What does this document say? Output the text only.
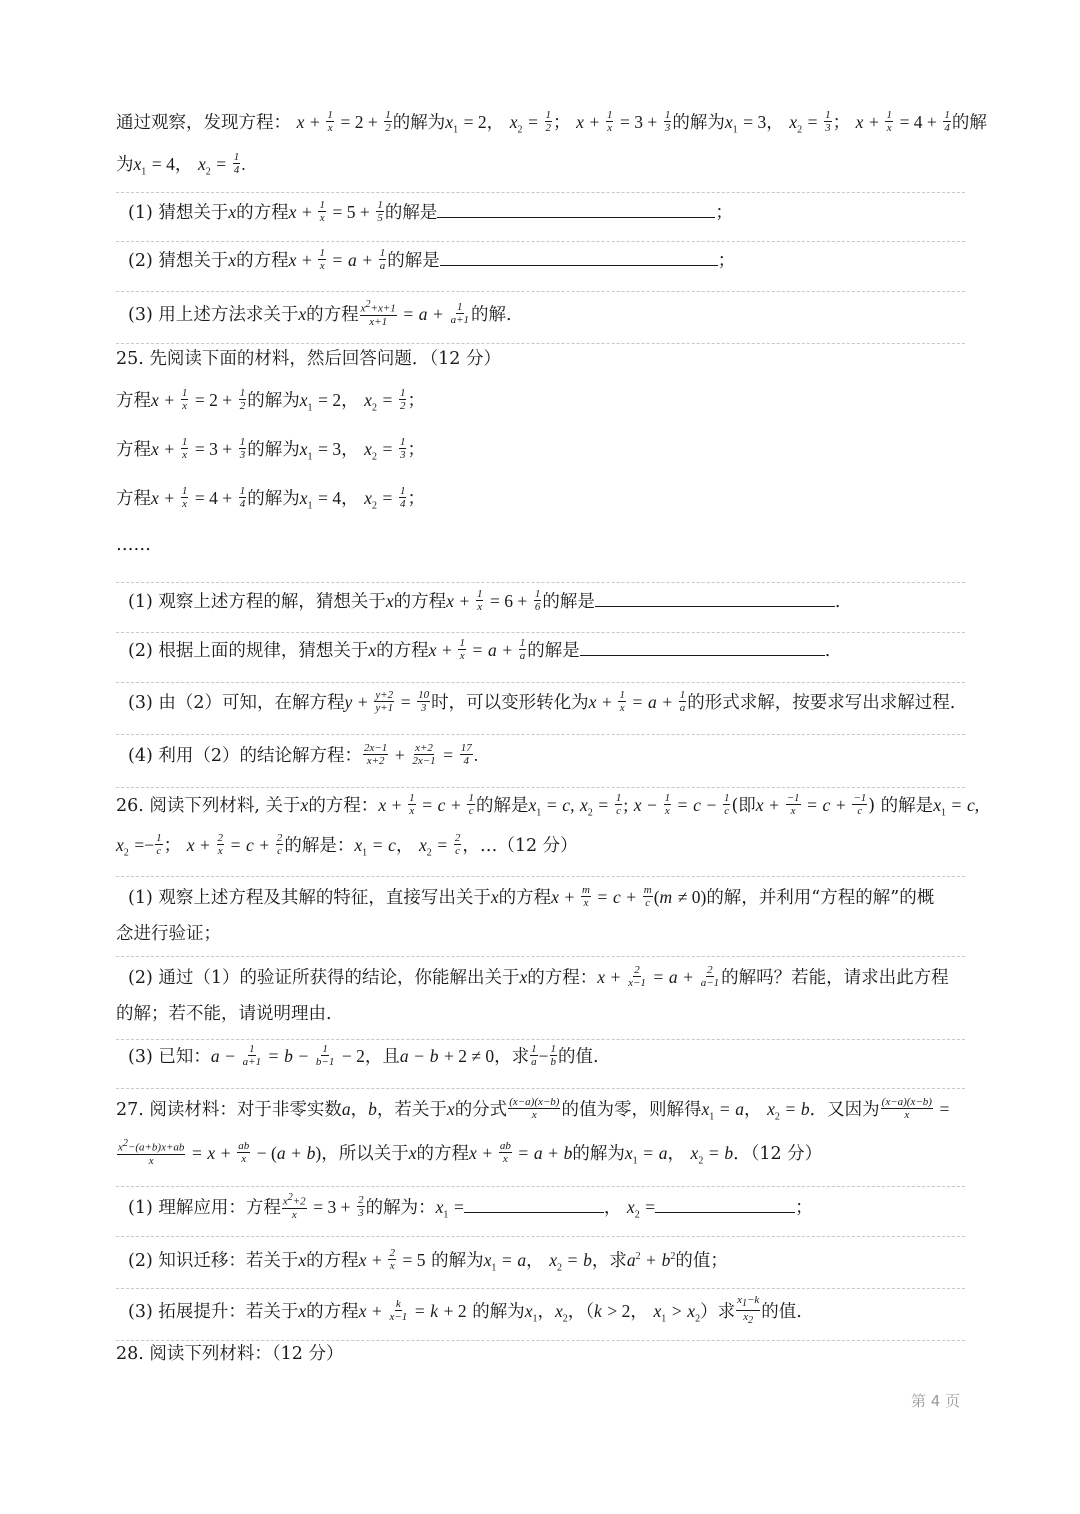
通过观察，发现方程： $x + \frac{1}{x} = 2 + \frac{1}{2}$ 的解为$x_1 = 2$， $x_2 = \frac{1}{2}$ ； $x + \frac{1}{x} = 3 + \frac{1}{3}$ 的解为$x_1 = 3$， $x_2 = \frac{1}{3}$ ； $x + \frac{1}{x} = 4 + \frac{1}{4}$ 的解
为$x_1 = 4$， $x_2 = \frac{1}{4}$ .
(1) 猜想关于x的方程$x + \frac{1}{x} = 5 + \frac{1}{5}$ 的解是	；
(2) 猜想关于x的方程$x + \frac{1}{x} = a + \frac{1}{a}$ 的解是	；
(3) 用上述方法求关于x的方程 $\frac{x^2+x+1}{x+1} = a + \frac{1}{a+1}$ 的解.
25. 先阅读下面的材料，然后回答问题．（12 分）
方程$x + \frac{1}{x} = 2 + \frac{1}{2}$ 的解为$x_1 = 2$， $x_2 = \frac{1}{2}$ ；
方程$x + \frac{1}{x} = 3 + \frac{1}{3}$ 的解为$x_1 = 3$， $x_2 = \frac{1}{3}$ ；
方程$x + \frac{1}{x} = 4 + \frac{1}{4}$ 的解为$x_1 = 4$， $x_2 = \frac{1}{4}$ ；
……
(1) 观察上述方程的解，猜想关于x的方程$x + \frac{1}{x} = 6 + \frac{1}{6}$ 的解是	.
(2) 根据上面的规律，猜想关于x的方程$x + \frac{1}{x} = a + \frac{1}{a}$ 的解是	.
(3) 由（2）可知，在解方程$y + \frac{y+2}{y+1} = \frac{10}{3}$ 时，可以变形转化为$x + \frac{1}{x} = a + \frac{1}{a}$ 的形式求解，按要求写出求解过程.
(4) 利用（2）的结论解方程： $\frac{2x-1}{x+2} + \frac{x+2}{2x-1} = \frac{17}{4}$ .
26. 阅读下列材料, 关于x的方程：$x + \frac{1}{x} = c + \frac{1}{c}$ 的解是$x_1 = c$, $x_2 = \frac{1}{c}$ ; $x - \frac{1}{x} = c - \frac{1}{c}$ (即$x + \frac{-1}{x} = c + \frac{-1}{c}$ ) 的解是$x_1 = c$,
$x_2 =- \frac{1}{c}$ ； $x + \frac{2}{x} = c + \frac{2}{c}$ 的解是：$x_1 = c$， $x_2 = \frac{2}{c}$ ，…（12 分）
(1) 观察上述方程及其解的特征，直接写出关于x的方程$x + \frac{m}{x} = c + \frac{m}{c} (m \ne 0)$的解，并利用“方程的解”的概
念进行验证；
(2) 通过（1）的验证所获得的结论，你能解出关于x的方程：$x + \frac{2}{x-1} = a + \frac{2}{a-1}$ 的解吗？若能，请求出此方程
的解；若不能，请说明理由.
(3) 已知：$a - \frac{1}{a+1} = b - \frac{1}{b-1} - 2$，且a − b + 2 ≠ 0，求 $\frac{1}{a} - \frac{1}{b}$ 的值.
27. 阅读材料：对于非零实数a，b，若关于x的分式 $\frac{(x-a)(x-b)}{x}$ 的值为零，则解得$x_1 = a$， $x_2 = b$．又因为 $\frac{(x-a)(x-b)}{x}$ =
$\frac{x^2-(a+b)x+ab}{x} = x + \frac{ab}{x} - (a + b)$，所以关于x的方程$x + \frac{ab}{x} = a + b$的解为$x_1 = a$， $x_2 = b$．（12 分）
(1) 理解应用：方程 $\frac{x^2+2}{x} = 3 + \frac{2}{3}$ 的解为：$x_1$ =	， $x_2$ =	；
(2) 知识迁移：若关于x的方程$x + \frac{2}{x} = 5$ 的解为$x_1 = a$， $x_2 = b$，求$a^2 + b^2$的值；
(3) 拓展提升：若关于x的方程$x + \frac{k}{x-1} = k + 2$ 的解为$x_1$，$x_2$，（k > 2， $x_1 > x_2$）求 $\frac{x_1-k}{x_2}$ 的值.
28. 阅读下列材料：（12 分）
第 4 页
